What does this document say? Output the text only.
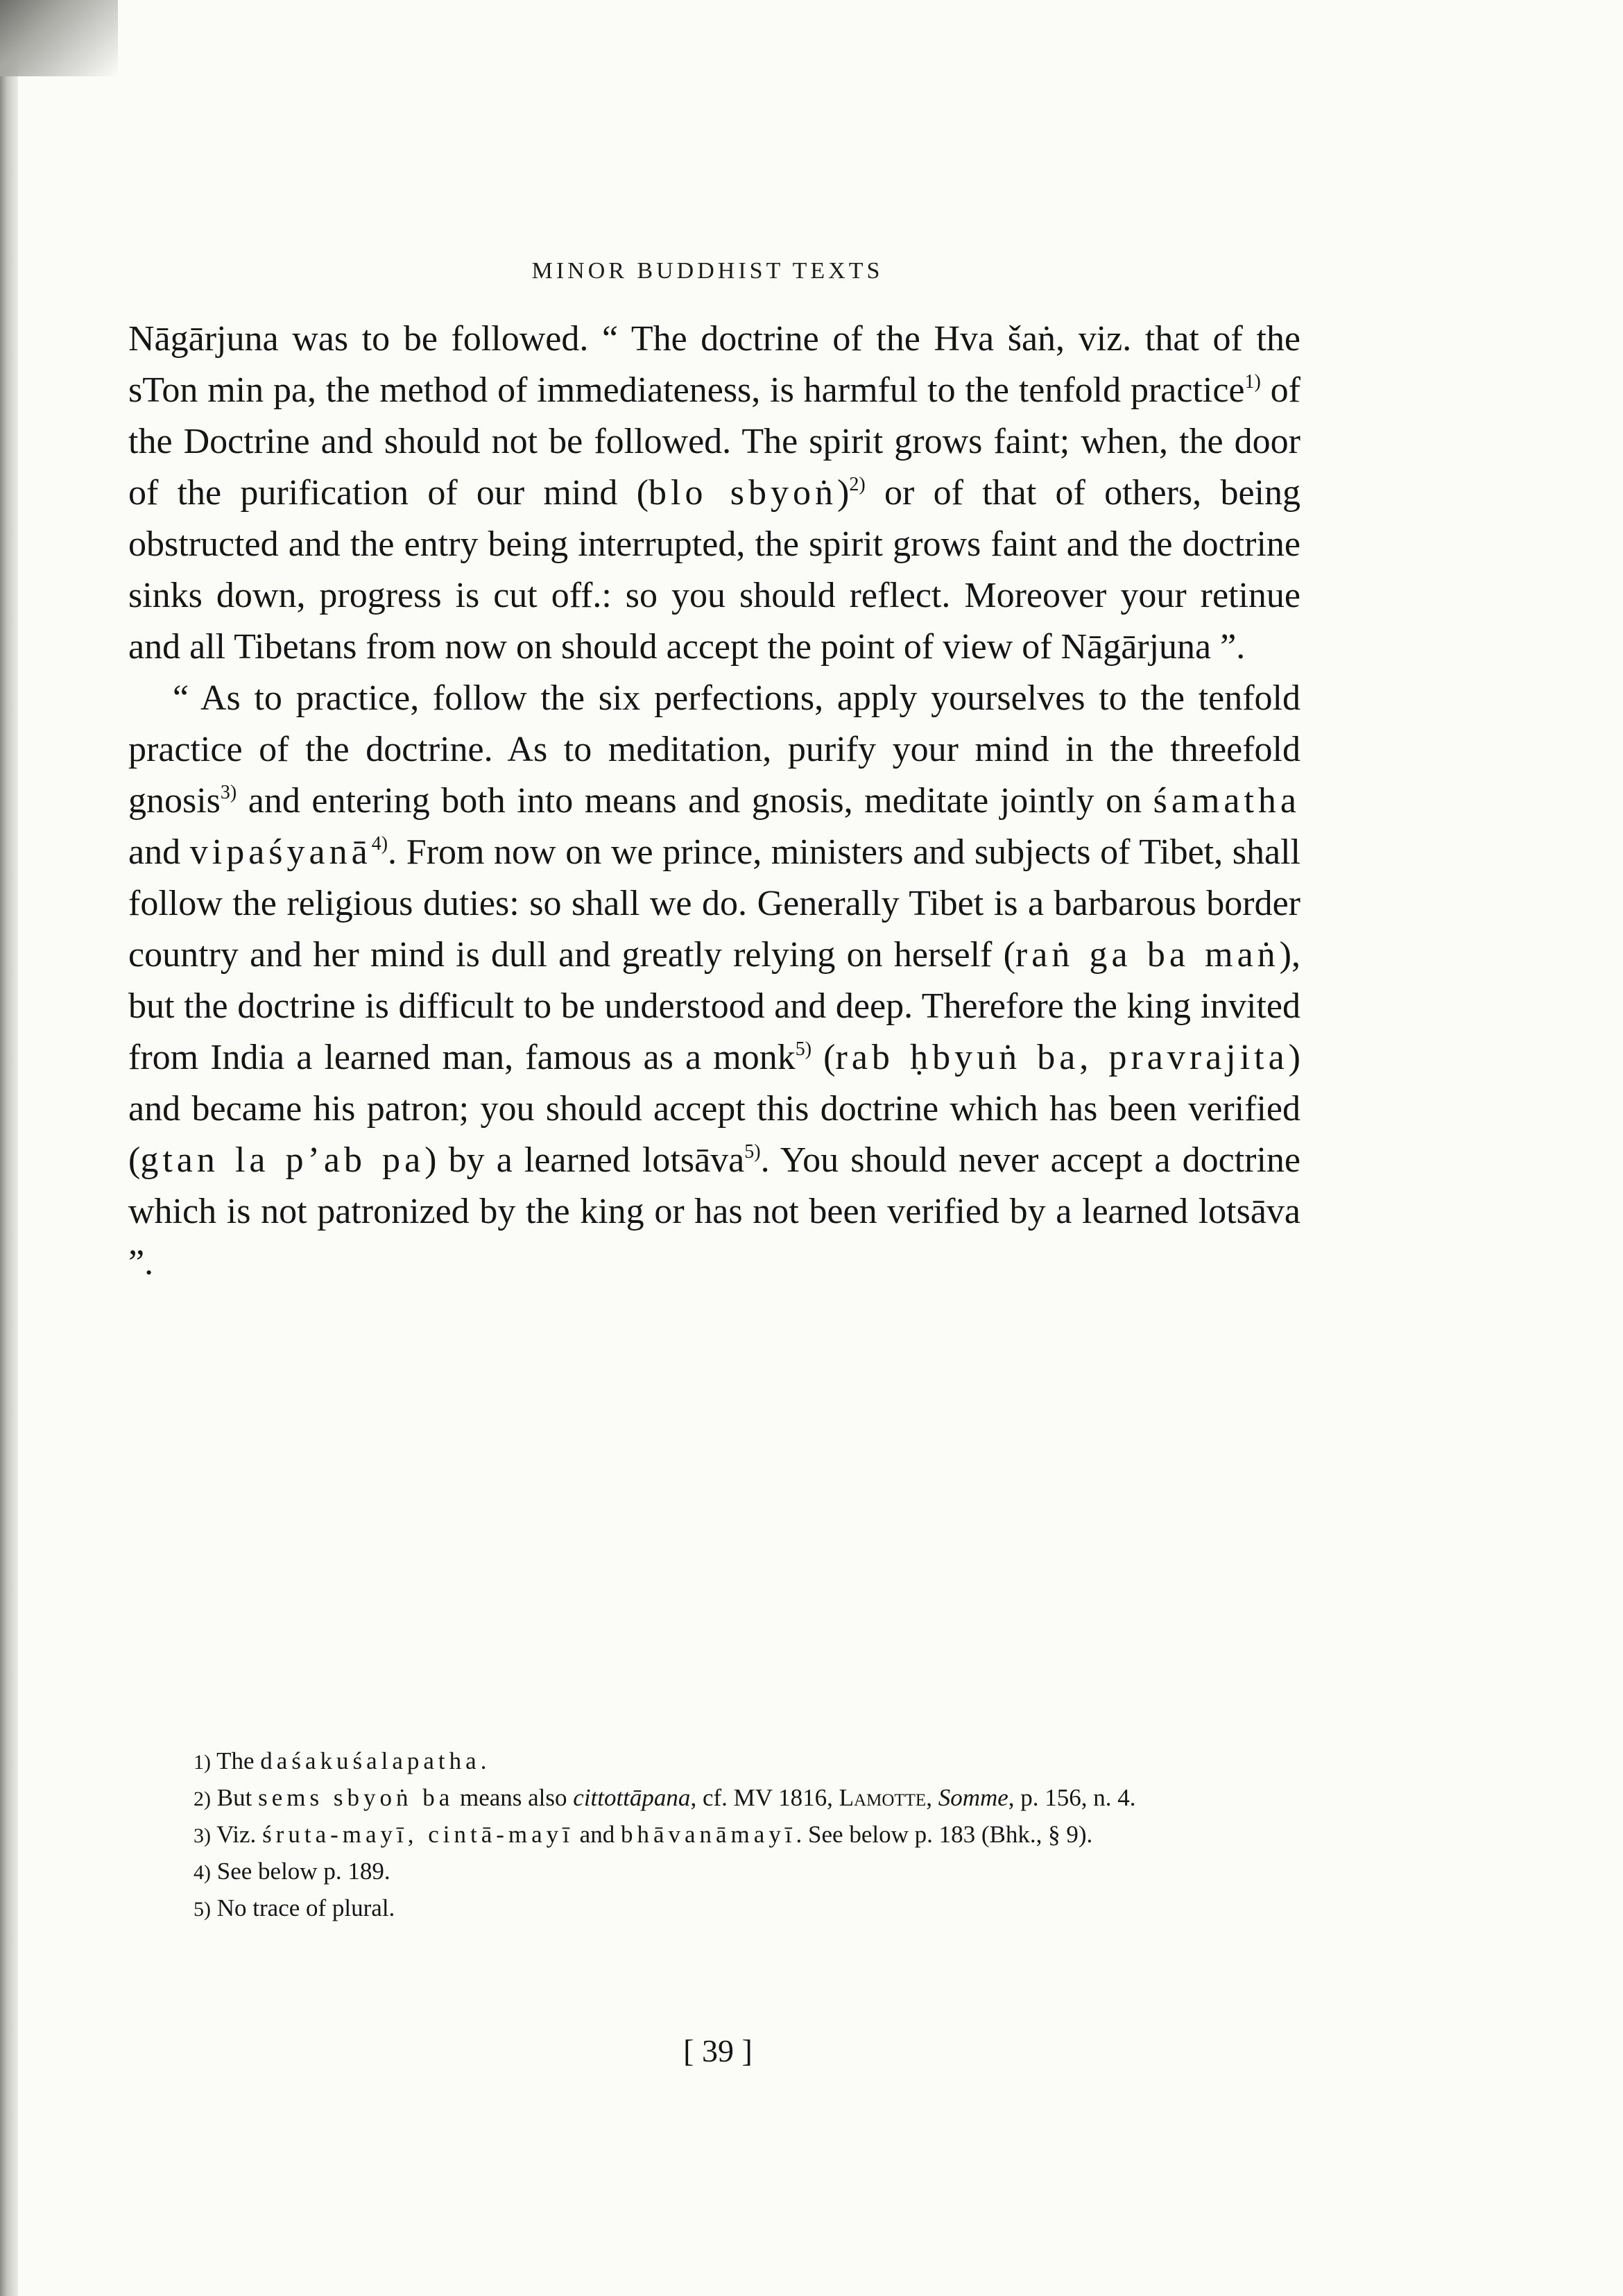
MINOR BUDDHIST TEXTS

Nāgārjuna was to be followed. “ The doctrine of the Hva šaṅ, viz. that of the sTon min pa, the method of immediateness, is harmful to the tenfold practice$^{1)}$ of the Doctrine and should not be followed. The spirit grows faint; when, the door of the purification of our mind (blo sbyoṅ)$^{2)}$ or of that of others, being obstructed and the entry being interrupted, the spirit grows faint and the doctrine sinks down, progress is cut off.: so you should reflect. Moreover your retinue and all Tibetans from now on should accept the point of view of Nāgārjuna ”.

“ As to practice, follow the six perfections, apply yourselves to the tenfold practice of the doctrine. As to meditation, purify your mind in the threefold gnosis$^{3)}$ and entering both into means and gnosis, meditate jointly on śamatha and vipaśyanā$^{4)}$. From now on we prince, ministers and subjects of Tibet, shall follow the religious duties: so shall we do. Generally Tibet is a barbarous border country and her mind is dull and greatly relying on herself (raṅ ga ba maṅ), but the doctrine is difficult to be understood and deep. Therefore the king invited from India a learned man, famous as a monk$^{5)}$ (rab ḥbyuṅ ba, pravrajita) and became his patron; you should accept this doctrine which has been verified (gtan la p’ab pa) by a learned lotsāva$^{5)}$. You should never accept a doctrine which is not patronized by the king or has not been verified by a learned lotsāva ”.

1) The daśakuśalapatha.

2) But sems sbyoṅ ba means also cittottāpana, cf. MV 1816, Lamotte, Somme, p. 156, n. 4.

3) Viz. śruta-mayī, cintā-mayī and bhāvanāmayī. See below p. 183 (Bhk., § 9).

4) See below p. 189.

5) No trace of plural.

[ 39 ]
